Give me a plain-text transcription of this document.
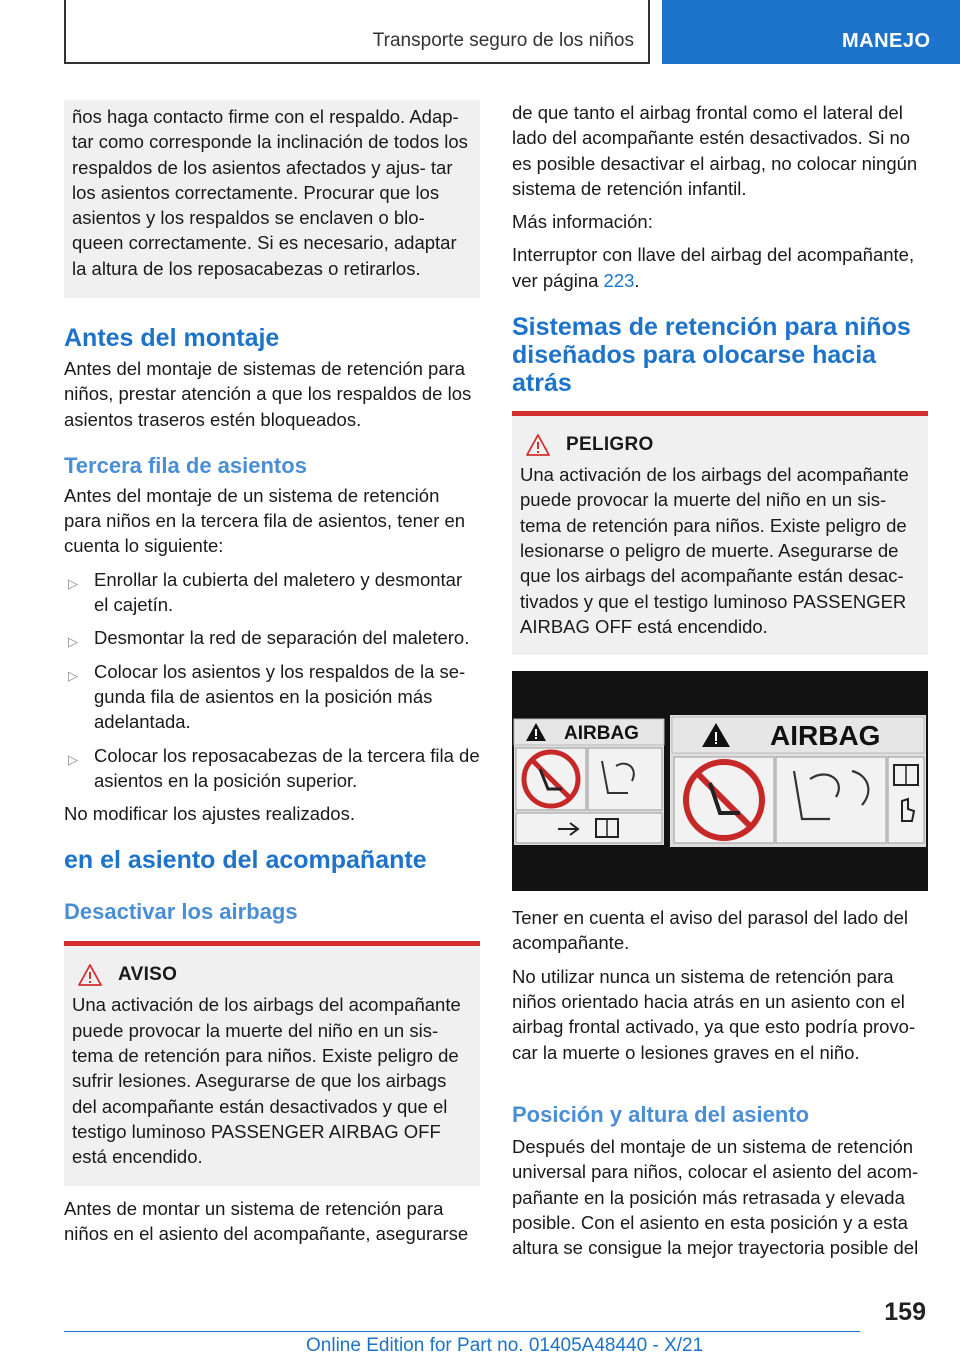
Transporte seguro de los niños	MANEJO

ños haga contacto firme con el respaldo. Adap‐ tar como corresponde la inclinación de todos los respaldos de los asientos afectados y ajus‐ tar los asientos correctamente. Procurar que los asientos y los respaldos se enclaven o blo‐ queen correctamente. Si es necesario, adaptar la altura de los reposacabezas o retirarlos.

Antes del montaje

Antes del montaje de sistemas de retención para niños, prestar atención a que los respaldos de los asientos traseros estén bloqueados.

Tercera fila de asientos

Antes del montaje de un sistema de retención para niños en la tercera fila de asientos, tener en cuenta lo siguiente:

▷ Enrollar la cubierta del maletero y desmontar el cajetín.
▷ Desmontar la red de separación del maletero.
▷ Colocar los asientos y los respaldos de la se‐ gunda fila de asientos en la posición más adelantada.
▷ Colocar los reposacabezas de la tercera fila de asientos en la posición superior.

No modificar los ajustes realizados.

en el asiento del acompañante
Desactivar los airbags
AVISO

Una activación de los airbags del acompañante puede provocar la muerte del niño en un sis‐ tema de retención para niños. Existe peligro de sufrir lesiones. Asegurarse de que los airbags del acompañante están desactivados y que el testigo luminoso PASSENGER AIRBAG OFF está encendido.

Antes de montar un sistema de retención para niños en el asiento del acompañante, asegurarse

de que tanto el airbag frontal como el lateral del lado del acompañante estén desactivados. Si no es posible desactivar el airbag, no colocar ningún sistema de retención infantil.

Más información:

Interruptor con llave del airbag del acompañante, ver página 223.

Sistemas de retención para niños diseñados para olocarse hacia atrás
PELIGRO

Una activación de los airbags del acompañante puede provocar la muerte del niño en un sis‐ tema de retención para niños. Existe peligro de lesionarse o peligro de muerte. Asegurarse de que los airbags del acompañante están desac‐ tivados y que el testigo luminoso PASSENGER AIRBAG OFF está encendido.

AIRBAG	AIRBAG

Tener en cuenta el aviso del parasol del lado del acompañante.

No utilizar nunca un sistema de retención para niños orientado hacia atrás en un asiento con el airbag frontal activado, ya que esto podría provo‐ car la muerte o lesiones graves en el niño.

Posición y altura del asiento

Después del montaje de un sistema de retención universal para niños, colocar el asiento del acom‐ pañante en la posición más retrasada y elevada posible. Con el asiento en esta posición y a esta altura se consigue la mejor trayectoria posible del

159
Online Edition for Part no. 01405A48440 - X/21
